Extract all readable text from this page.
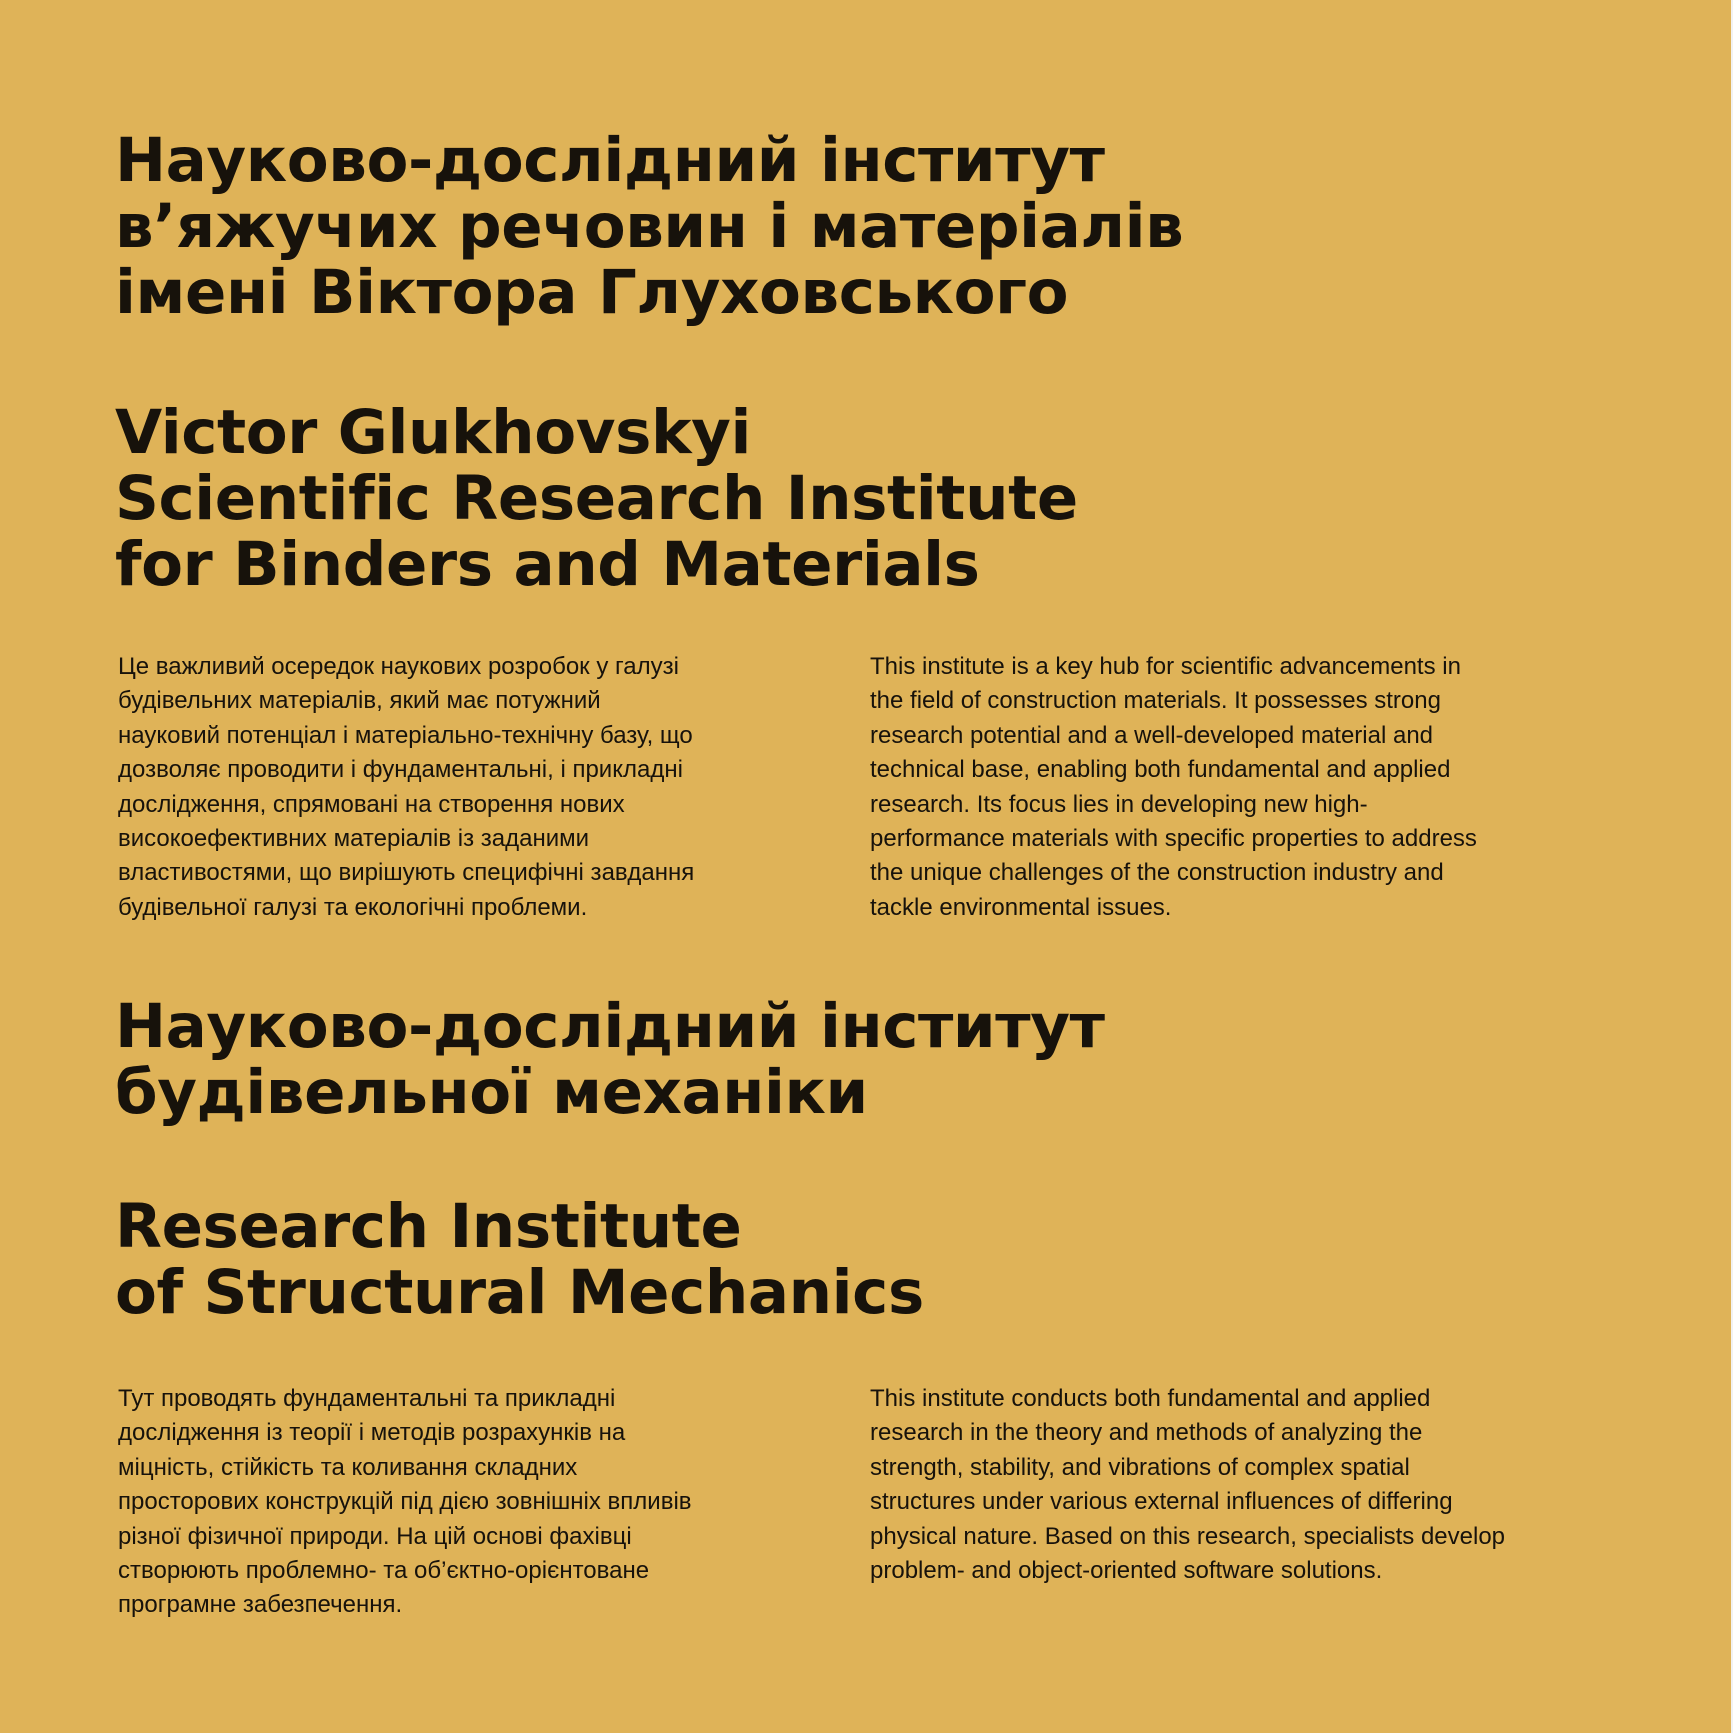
Науково-дослідний інститут
в’яжучих речовин і матеріалів
імені Віктора Глуховського
Victor Glukhovskyi
Scientific Research Institute
for Binders and Materials

Це важливий осередок наукових розробок у галузі
будівельних матеріалів, який має потужний
науковий потенціал і матеріально-технічну базу, що
дозволяє проводити і фундаментальні, і прикладні
дослідження, спрямовані на створення нових
високоефективних матеріалів із заданими
властивостями, що вирішують специфічні завдання
будівельної галузі та екологічні проблеми.

This institute is a key hub for scientific advancements in
the field of construction materials. It possesses strong
research potential and a well-developed material and
technical base, enabling both fundamental and applied
research. Its focus lies in developing new high-
performance materials with specific properties to address
the unique challenges of the construction industry and
tackle environmental issues.

Науково-дослідний інститут
будівельної механіки
Research Institute
of Structural Mechanics

Тут проводять фундаментальні та прикладні
дослідження із теорії і методів розрахунків на
міцність, стійкість та коливання складних
просторових конструкцій під дією зовнішніх впливів
різної фізичної природи. На цій основі фахівці
створюють проблемно- та об’єктно-орієнтоване
програмне забезпечення.

This institute conducts both fundamental and applied
research in the theory and methods of analyzing the
strength, stability, and vibrations of complex spatial
structures under various external influences of differing
physical nature. Based on this research, specialists develop
problem- and object-oriented software solutions.
